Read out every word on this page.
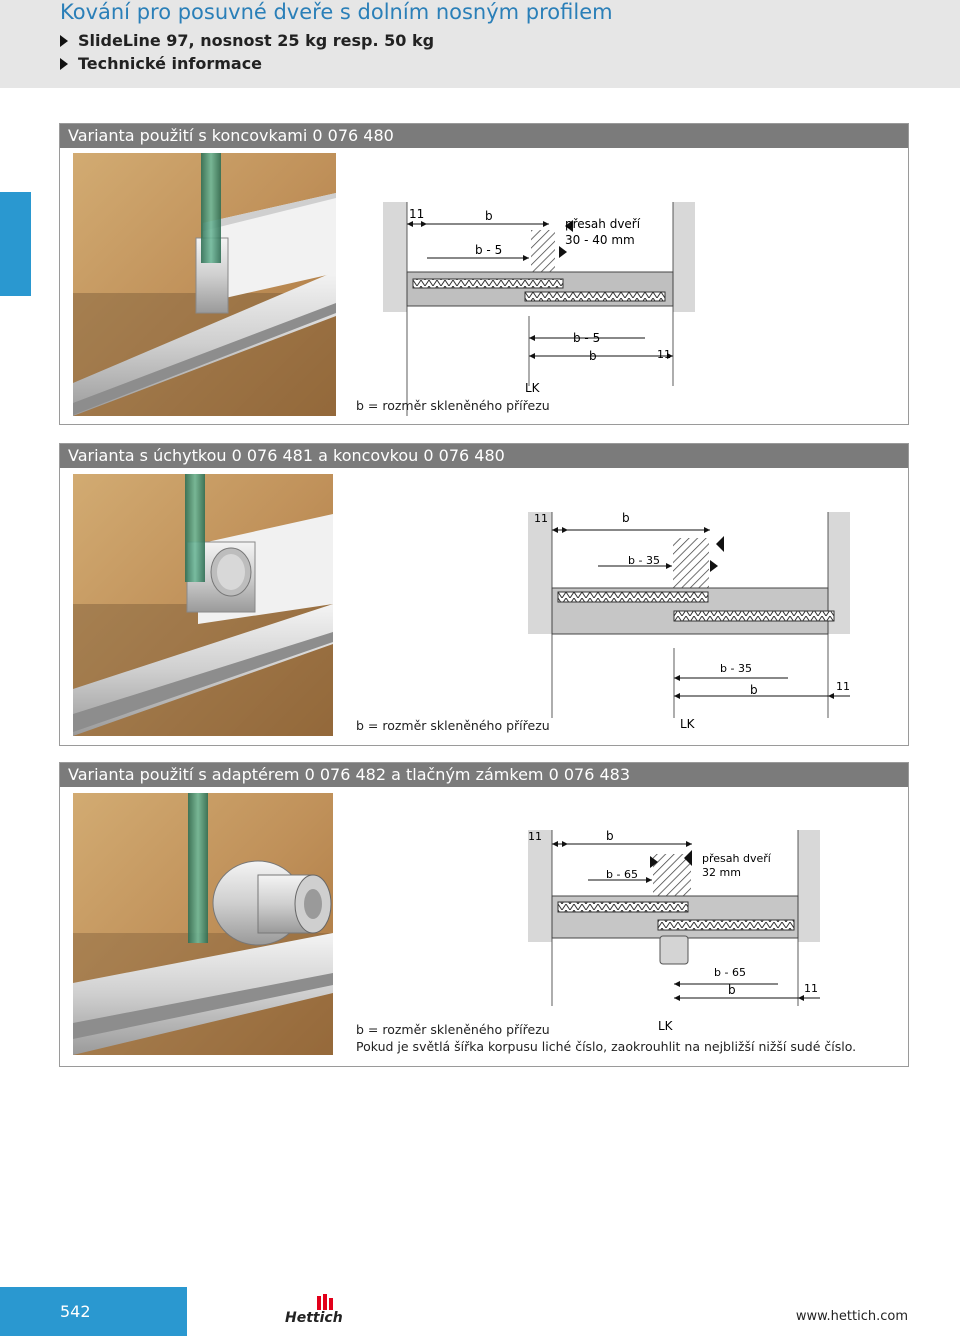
Kování pro posuvné dveře s dolním nosným profilem
SlideLine 97, nosnost 25 kg resp. 50 kg
Technické informace
Varianta použití s koncovkami 0 076 480
11	b
b - 5
přesah dveří
30 - 40 mm
b - 5
b	11
LK
b = rozměr skleněného přířezu
Varianta s úchytkou 0 076 481 a koncovkou 0 076 480
11	b
b - 35
b - 35
b	11
LK
b = rozměr skleněného přířezu
Varianta použití s adaptérem 0 076 482 a tlačným zámkem 0 076 483
11	b
b - 65
přesah dveří
32 mm
b - 65
b	11
LK
b = rozměr skleněného přířezu
Pokud je světlá šířka korpusu liché číslo, zaokrouhlit na nejbližší nižší sudé číslo.
542	Hettich	www.hettich.com
